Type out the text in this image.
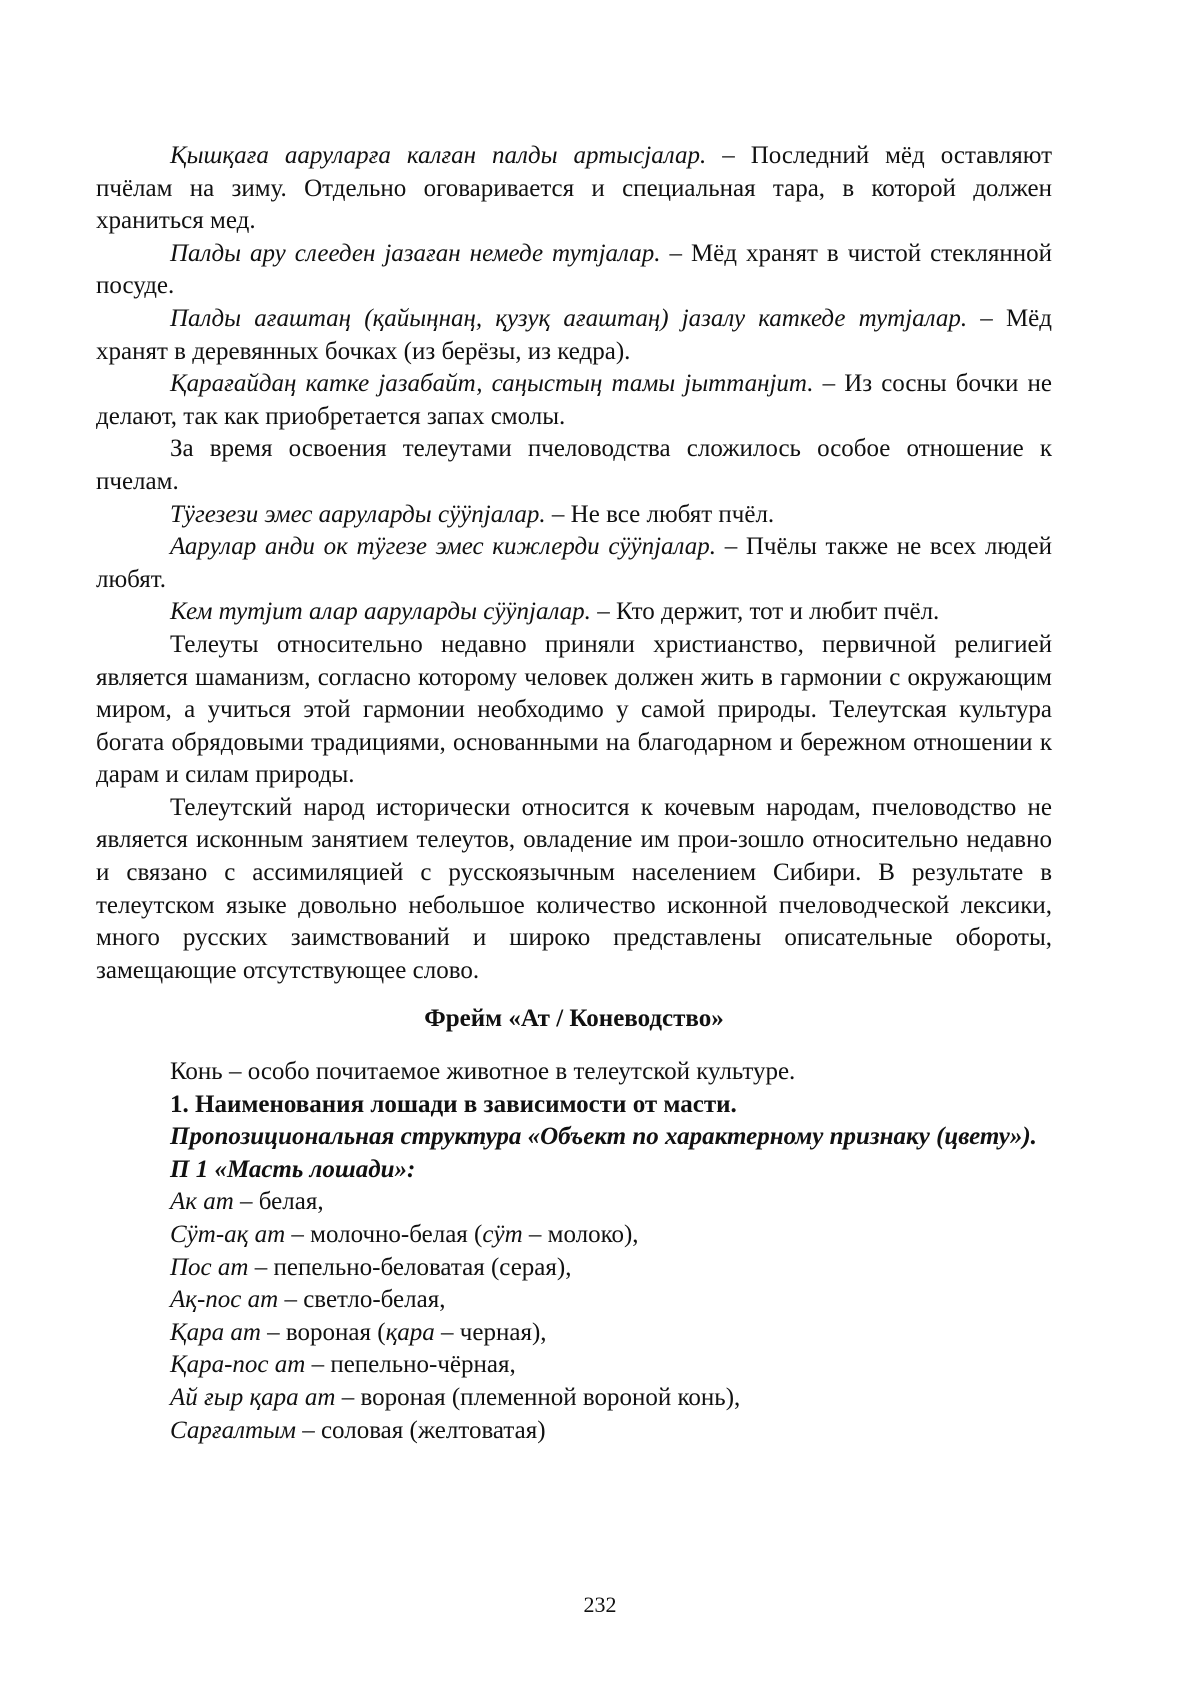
Қышқаға ааруларға калған палды артысjалар. – Последний мёд оставляют пчёлам на зиму. Отдельно оговаривается и специальная тара, в которой должен храниться мед.

Палды ару слееден jазаған немеде тутjалар. – Мёд хранят в чистой стеклянной посуде.

Палды ағаштаң (қайыңнаң, қузуқ ағаштаң) jазалу каткеде тутjалар. – Мёд хранят в деревянных бочках (из берёзы, из кедра).

Қарағайдаң катке jазабайт, саңыстың тамы jыттанjит. – Из сосны бочки не делают, так как приобретается запах смолы.

За время освоения телеутами пчеловодства сложилось особое отношение к пчелам.

Тӱгезези эмес ааруларды сӱӱпjалар. – Не все любят пчёл.

Аарулар анди ок тӱгезе эмес кижлерди сӱӱпjалар. – Пчёлы также не всех людей любят.

Кем тутjит алар ааруларды сӱӱпjалар. – Кто держит, тот и любит пчёл.

Телеуты относительно недавно приняли христианство, первичной религией является шаманизм, согласно которому человек должен жить в гармонии с окружающим миром, а учиться этой гармонии необходимо у самой природы. Телеутская культура богата обрядовыми традициями, основанными на благодарном и бережном отношении к дарам и силам природы.

Телеутский народ исторически относится к кочевым народам, пчеловодство не является исконным занятием телеутов, овладение им прои-зошло относительно недавно и связано с ассимиляцией с русскоязычным населением Сибири. В результате в телеутском языке довольно небольшое количество исконной пчеловодческой лексики, много русских заимствований и широко представлены описательные обороты, замещающие отсутствующее слово.

Фрейм «Ат / Коневодство»

Конь – особо почитаемое животное в телеутской культуре.

1. Наименования лошади в зависимости от масти.

Пропозициональная структура «Объект по характерному признаку (цвету»).

П 1 «Масть лошади»:

Ак ат – белая,

Сӱт-ақ ат – молочно-белая (сӱт – молоко),

Пос ат – пепельно-беловатая (серая),

Ақ-пос ат – светло-белая,

Қара ат – вороная (қара – черная),

Қара-пос ат – пепельно-чёрная,

Ай ғыр қара ат – вороная (племенной вороной конь),

Сарғалтым – соловая (желтоватая)

232
